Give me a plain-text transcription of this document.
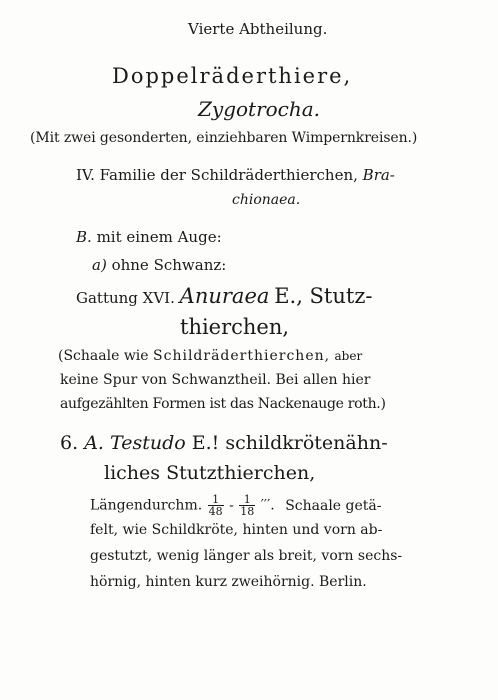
Vierte Abtheilung.
Doppelräderthiere,
Zygotrocha.
(Mit zwei gesonderten, einziehbaren Wimpernkreisen.)
IV. Familie der Schildräderthierchen, Bra-
chionaea.
B. mit einem Auge:
a) ohne Schwanz:
Gattung XVI. Anuraea E., Stutz-
thierchen,
(Schaale wie Schildräderthierchen, aber
keine Spur von Schwanztheil. Bei allen hier
aufgezählten Formen ist das Nackenauge roth.)
6. A. Testudo E.! schildkrötenähn-
liches Stutzthierchen,
Längendurchm. $\frac{1}{48} - \frac{1}{18}$ ′′′. Schaale getä-
felt, wie Schildkröte, hinten und vorn ab-
gestutzt, wenig länger als breit, vorn sechs-
hörnig, hinten kurz zweihörnig. Berlin.
